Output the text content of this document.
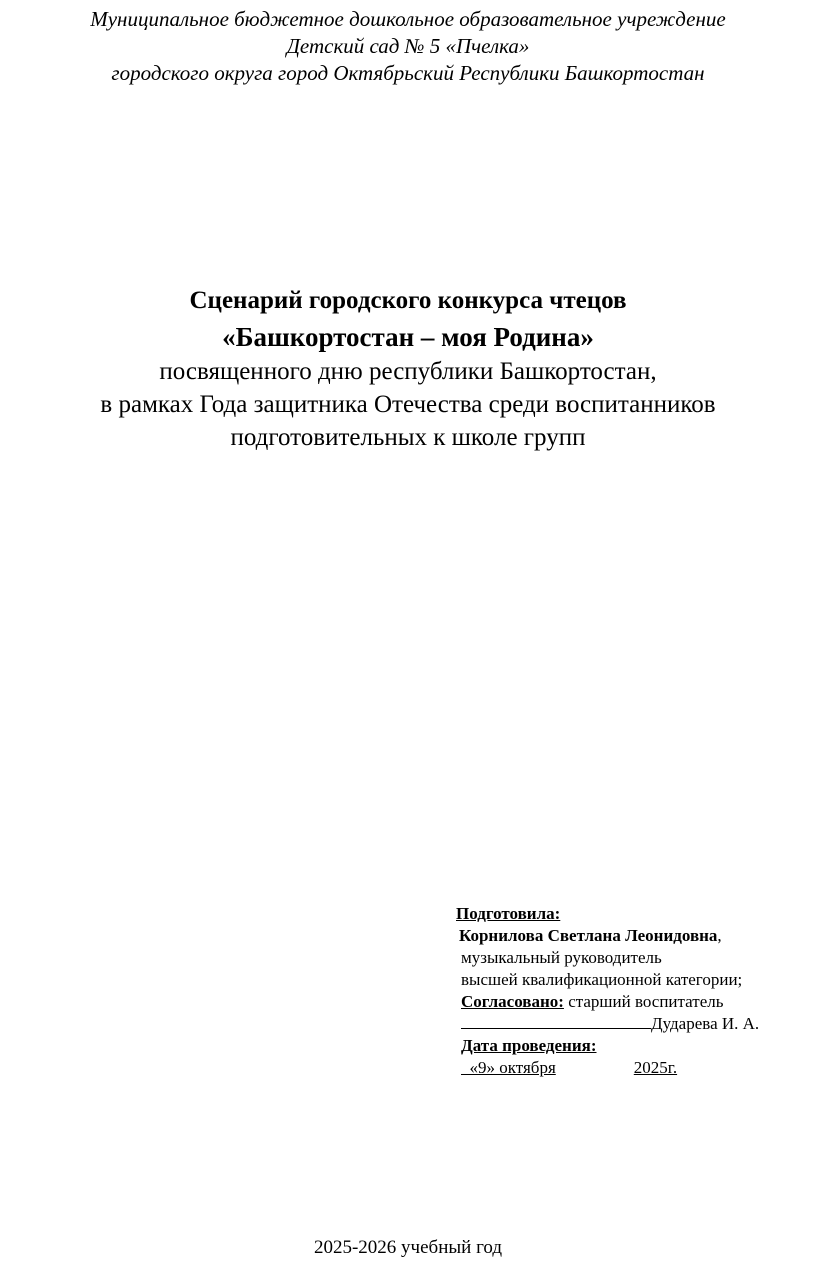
Муниципальное бюджетное дошкольное образовательное учреждение
Детский сад № 5 «Пчелка»
городского округа город Октябрьский Республики Башкортостан
Сценарий городского конкурса чтецов
«Башкортостан – моя Родина»
посвященного дню республики Башкортостан,
в рамках Года защитника Отечества среди воспитанников
подготовительных к школе групп
Подготовила:
Корнилова Светлана Леонидовна,
музыкальный руководитель
высшей квалификационной категории;
Согласовано: старший воспитатель
Дударева И. А.
Дата проведения:
«9» октября	2025г.
2025-2026 учебный год
